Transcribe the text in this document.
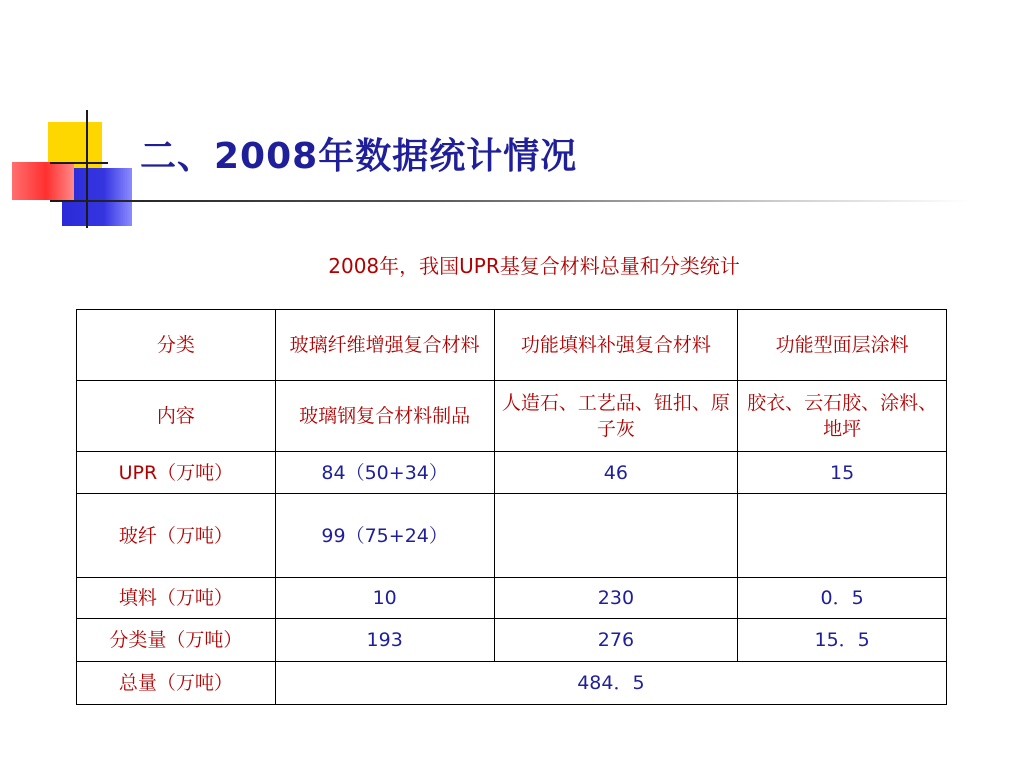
二、2008年数据统计情况
2008年，我国UPR基复合材料总量和分类统计
分类	玻璃纤维增强复合材料	功能填料补强复合材料	功能型面层涂料
内容	玻璃钢复合材料制品	人造石、工艺品、钮扣、原子灰	胶衣、云石胶、涂料、地坪
UPR（万吨）	84（50+34）	46	15
玻纤（万吨）	99（75+24）		
填料（万吨）	10	230	0．5
分类量（万吨）	193	276	15．5
总量（万吨）	484．5		
